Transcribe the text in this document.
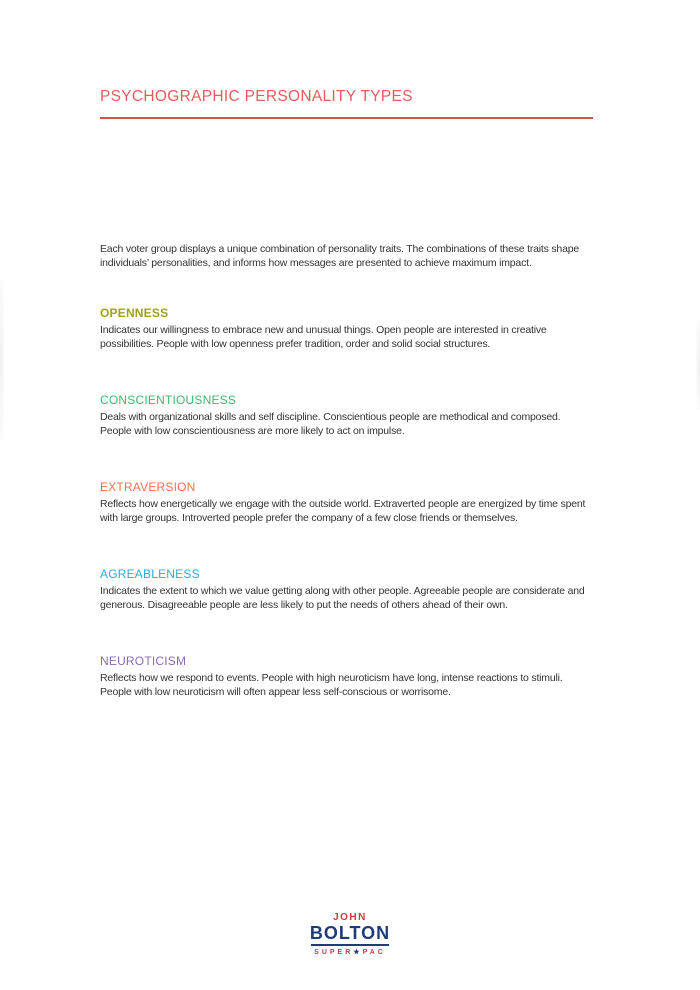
PSYCHOGRAPHIC PERSONALITY TYPES

Each voter group displays a unique combination of personality traits. The combinations of these traits shape individuals’ personalities, and informs how messages are presented to achieve maximum impact.

OPENNESS

Indicates our willingness to embrace new and unusual things. Open people are interested in creative possibilities. People with low openness prefer tradition, order and solid social structures.

CONSCIENTIOUSNESS

Deals with organizational skills and self discipline. Conscientious people are methodical and composed. People with low conscientiousness are more likely to act on impulse.

EXTRAVERSION

Reflects how energetically we engage with the outside world. Extraverted people are energized by time spent with large groups. Introverted people prefer the company of a few close friends or themselves.

AGREABLENESS

Indicates the extent to which we value getting along with other people. Agreeable people are considerate and generous. Disagreeable people are less likely to put the needs of others ahead of their own.

NEUROTICISM

Reflects how we respond to events. People with high neuroticism have long, intense reactions to stimuli. People with low neuroticism will often appear less self-conscious or worrisome.

JOHN
BOLTON
SUPER★PAC
